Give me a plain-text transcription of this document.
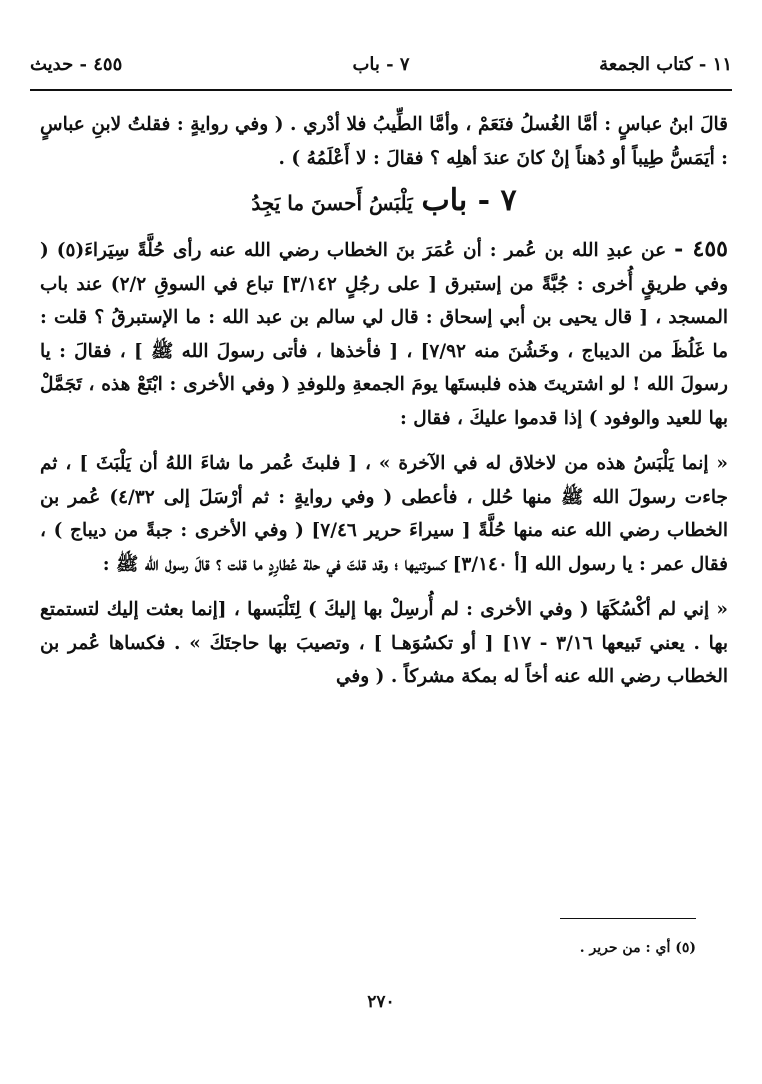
١١ - كتاب الجمعة
٧ - باب
٤٥٥ - حديث

قالَ ابنُ عباسٍ : أمَّا الغُسلُ فنَعَمْ ، وأمَّا الطِّيبُ فلا أدْري . ( وفي روايةٍ : فقلتُ لابنِ عباسٍ : أيَمَسُّ طِيباً أو دُهناً إنْ كانَ عندَ أهلِه ؟ فقالَ : لا أَعْلَمُهُ ) .

٧ - باب يَلْبَسُ أَحسنَ ما يَجِدُ

٤٥٥ - عن عبدِ الله بن عُمر : أن عُمَرَ بنَ الخطاب رضي الله عنه رأى حُلَّةً سِيَراءَ(٥) ( وفي طريقٍ أُخرى : جُبَّةً من إستبرق [ على رجُلٍ ٣/١٤٢] تباع في السوقِ ٢/٢) عند باب المسجد ، [ قال يحيى بن أبي إسحاق : قال لي سالم بن عبد الله : ما الإستبرقُ ؟ قلت : ما غَلُظَ من الديباج ، وخَشُنَ منه ٧/٩٢] ، [ فأخذها ، فأتى رسولَ الله ﷺ ] ، فقالَ : يا رسولَ الله ! لو اشتريتَ هذه فلبستَها يومَ الجمعةِ وللوفدِ ( وفي الأخرى : ابْتَعْ هذه ، تَجَمَّلْ بها للعيد والوفود ) إذا قدموا عليكَ ، فقال :

« إنما يَلْبَسُ هذه من لاخلاق له في الآخرة » ، [ فلبثَ عُمر ما شاءَ اللهُ أن يَلْبَثَ ] ، ثم جاءت رسولَ الله ﷺ منها حُلل ، فأعطى ( وفي روايةٍ : ثم أرْسَلَ إلى ٤/٣٢) عُمر بن الخطاب رضي الله عنه منها حُلَّةً [ سيراءَ حرير ٧/٤٦] ( وفي الأخرى : جبةً من ديباج ) ، فقال عمر : يا رسول الله [أ ٣/١٤٠] كسوتنيها ؛ وقد قلتَ في حلة عُطارِدٍ ما قلت ؟ قالَ رسول الله ﷺ :

« إني لم أكْسُكَهَا ( وفي الأخرى : لم أُرسِلْ بها إليكَ ) لِتَلْبَسها ، [إنما بعثت إليك لتستمتع بها . يعني تَبيعها ٣/١٦ - ١٧] [ أو تكسُوَهـا ] ، وتصيبَ بها حاجتَكَ » . فكساها عُمر بن الخطاب رضي الله عنه أخاً له بمكة مشركاً . ( وفي

(٥) أي : من حرير .
٢٧٠
